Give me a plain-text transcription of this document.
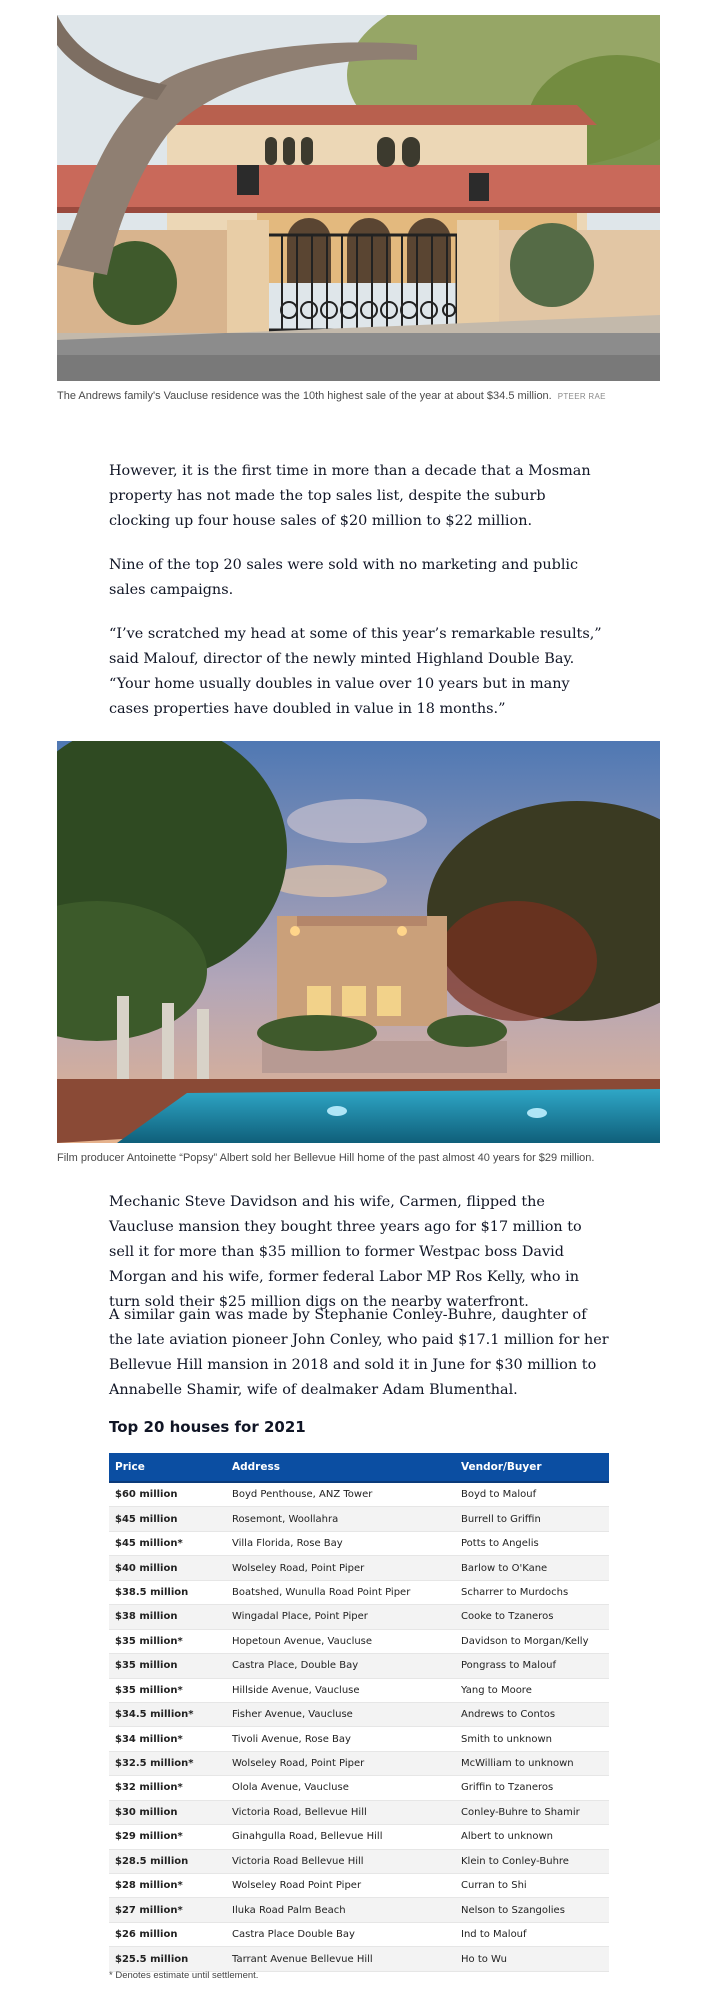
The Andrews family's Vaucluse residence was the 10th highest sale of the year at about $34.5 million. PTEER RAE

However, it is the first time in more than a decade that a Mosman property has not made the top sales list, despite the suburb clocking up four house sales of $20 million to $22 million.

Nine of the top 20 sales were sold with no marketing and public sales campaigns.

“I’ve scratched my head at some of this year’s remarkable results,” said Malouf, director of the newly minted Highland Double Bay. “Your home usually doubles in value over 10 years but in many cases properties have doubled in value in 18 months.”

Film producer Antoinette “Popsy” Albert sold her Bellevue Hill home of the past almost 40 years for $29 million.

Mechanic Steve Davidson and his wife, Carmen, flipped the Vaucluse mansion they bought three years ago for $17 million to sell it for more than $35 million to former Westpac boss David Morgan and his wife, former federal Labor MP Ros Kelly, who in turn sold their $25 million digs on the nearby waterfront.

A similar gain was made by Stephanie Conley-Buhre, daughter of the late aviation pioneer John Conley, who paid $17.1 million for her Bellevue Hill mansion in 2018 and sold it in June for $30 million to Annabelle Shamir, wife of dealmaker Adam Blumenthal.

Top 20 houses for 2021
Price	Address	Vendor/Buyer
$60 million	Boyd Penthouse, ANZ Tower	Boyd to Malouf
$45 million	Rosemont, Woollahra	Burrell to Griffin
$45 million*	Villa Florida, Rose Bay	Potts to Angelis
$40 million	Wolseley Road, Point Piper	Barlow to O'Kane
$38.5 million	Boatshed, Wunulla Road Point Piper	Scharrer to Murdochs
$38 million	Wingadal Place, Point Piper	Cooke to Tzaneros
$35 million*	Hopetoun Avenue, Vaucluse	Davidson to Morgan/Kelly
$35 million	Castra Place, Double Bay	Pongrass to Malouf
$35 million*	Hillside Avenue, Vaucluse	Yang to Moore
$34.5 million*	Fisher Avenue, Vaucluse	Andrews to Contos
$34 million*	Tivoli Avenue, Rose Bay	Smith to unknown
$32.5 million*	Wolseley Road, Point Piper	McWilliam to unknown
$32 million*	Olola Avenue, Vaucluse	Griffin to Tzaneros
$30 million	Victoria Road, Bellevue Hill	Conley-Buhre to Shamir
$29 million*	Ginahgulla Road, Bellevue Hill	Albert to unknown
$28.5 million	Victoria Road Bellevue Hill	Klein to Conley-Buhre
$28 million*	Wolseley Road Point Piper	Curran to Shi
$27 million*	Iluka Road Palm Beach	Nelson to Szangolies
$26 million	Castra Place Double Bay	Ind to Malouf
$25.5 million	Tarrant Avenue Bellevue Hill	Ho to Wu

* Denotes estimate until settlement.
